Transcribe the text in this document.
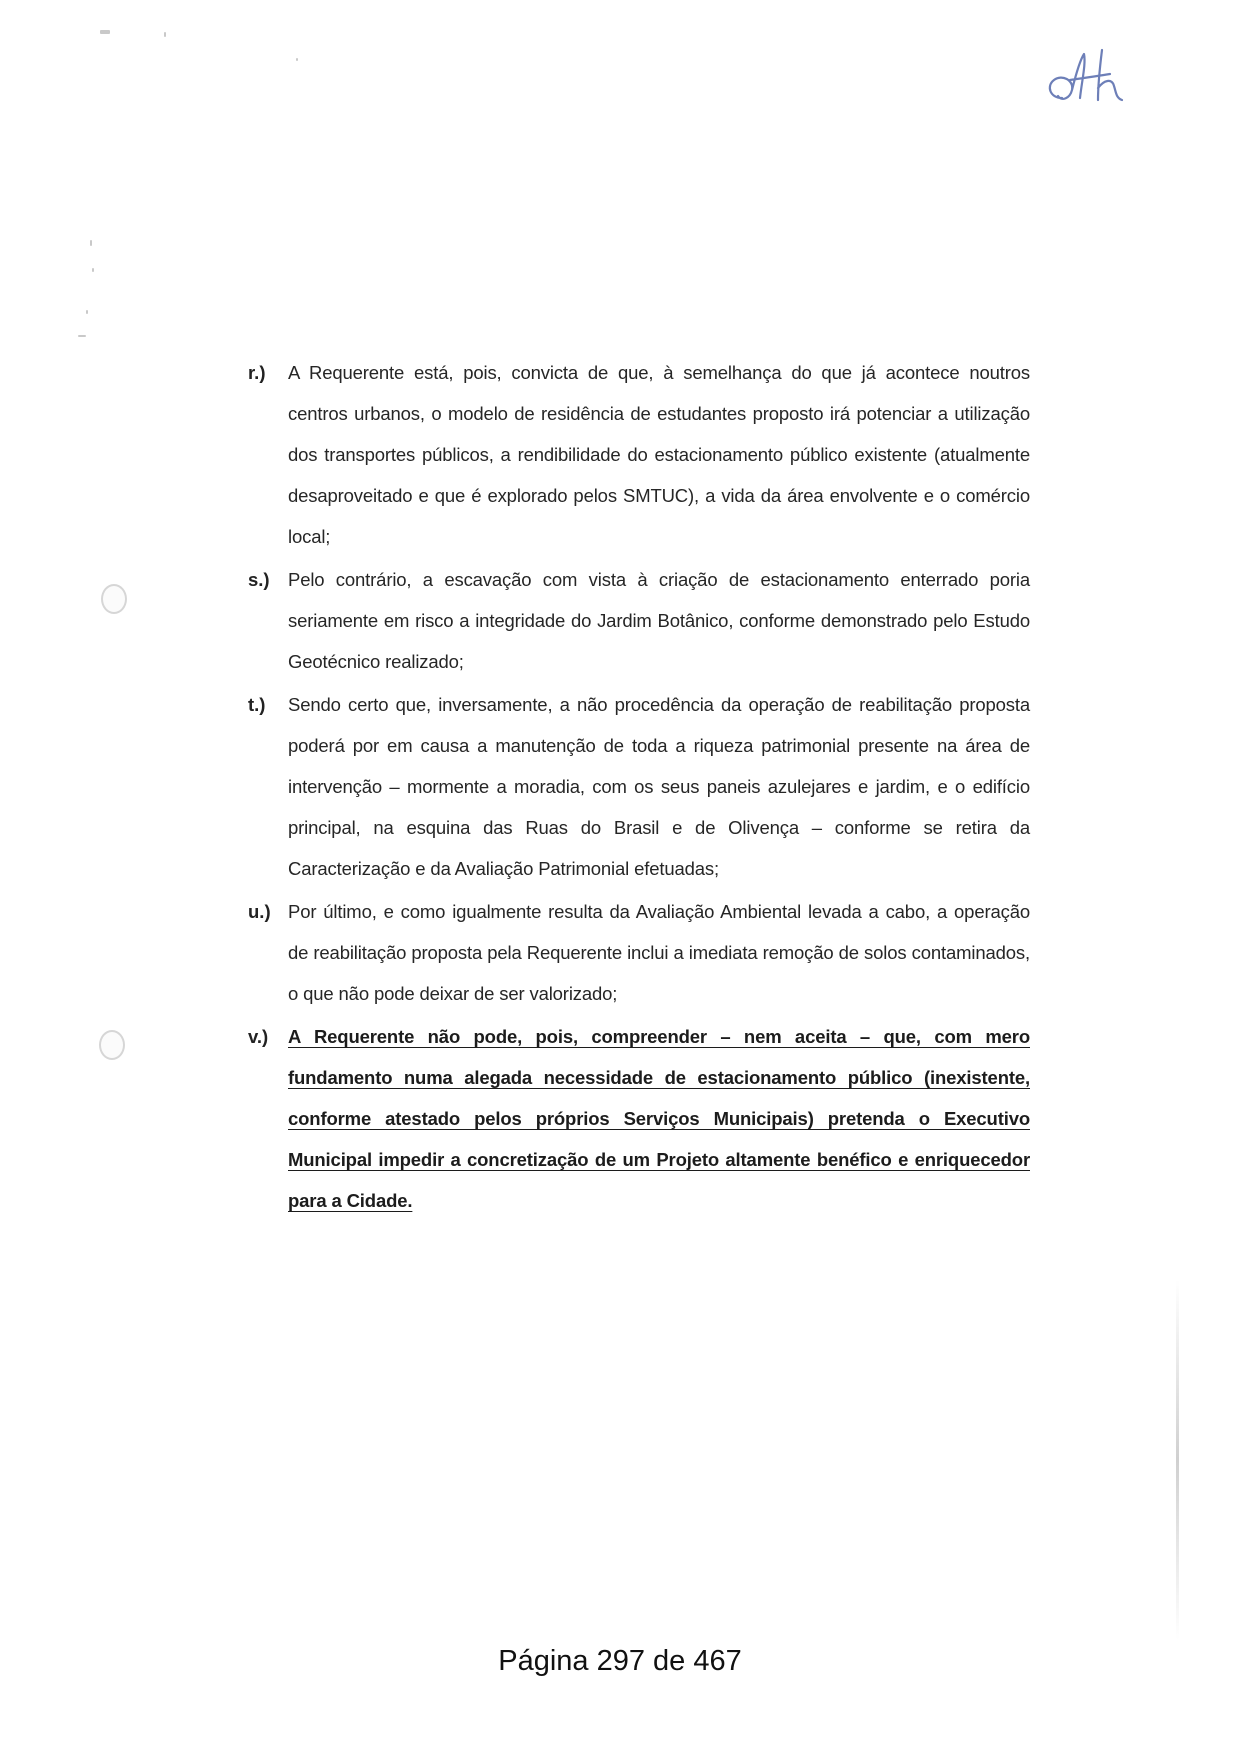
r.)	A Requerente está, pois, convicta de que, à semelhança do que já acontece noutros centros urbanos, o modelo de residência de estudantes proposto irá potenciar a utilização dos transportes públicos, a rendibilidade do estacionamento público existente (atualmente desaproveitado e que é explorado pelos SMTUC), a vida da área envolvente e o comércio local;
s.) Pelo contrário, a escavação com vista à criação de estacionamento enterrado poria seriamente em risco a integridade do Jardim Botânico, conforme demonstrado pelo Estudo Geotécnico realizado;
t.)	Sendo certo que, inversamente, a não procedência da operação de reabilitação proposta poderá por em causa a manutenção de toda a riqueza patrimonial presente na área de intervenção – mormente a moradia, com os seus paneis azulejares e jardim, e o edifício principal, na esquina das Ruas do Brasil e de Olivença – conforme se retira da Caracterização e da Avaliação Patrimonial efetuadas;
u.) Por último, e como igualmente resulta da Avaliação Ambiental levada a cabo, a operação de reabilitação proposta pela Requerente inclui a imediata remoção de solos contaminados, o que não pode deixar de ser valorizado;
v.)	A Requerente não pode, pois, compreender – nem aceita – que, com mero fundamento numa alegada necessidade de estacionamento público (inexistente, conforme atestado pelos próprios Serviços Municipais) pretenda o Executivo Municipal impedir a concretização de um Projeto altamente benéfico e enriquecedor para a Cidade.
Página 297 de 467
